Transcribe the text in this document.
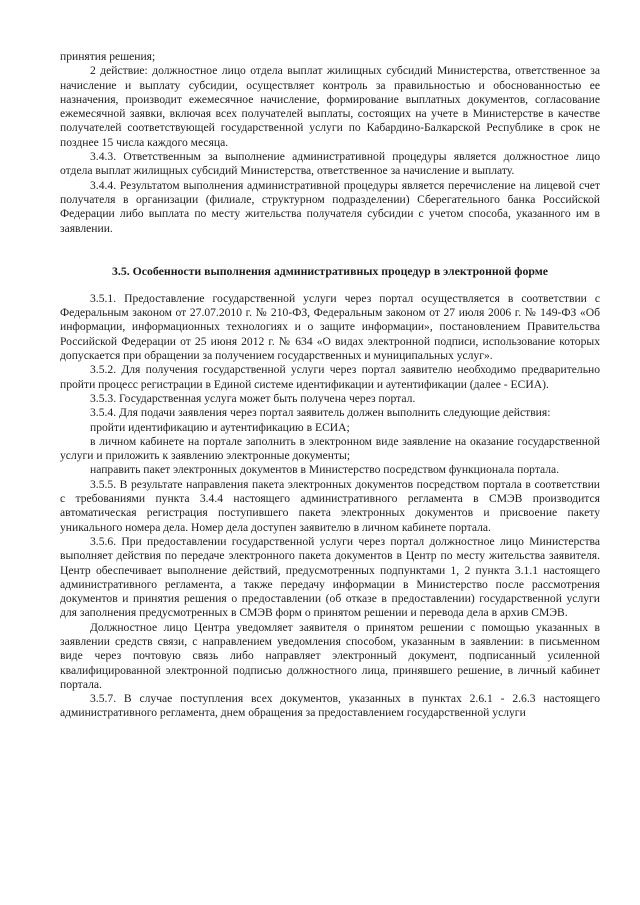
принятия решения;

2 действие: должностное лицо отдела выплат жилищных субсидий Министерства, ответственное за начисление и выплату субсидии, осуществляет контроль за правильностью и обоснованностью ее назначения, производит ежемесячное начисление, формирование выплатных документов, согласование ежемесячной заявки, включая всех получателей выплаты, состоящих на учете в Министерстве в качестве получателей соответствующей государственной услуги по Кабардино-Балкарской Республике в срок не позднее 15 числа каждого месяца.

3.4.3. Ответственным за выполнение административной процедуры является должностное лицо отдела выплат жилищных субсидий Министерства, ответственное за начисление и выплату.

3.4.4. Результатом выполнения административной процедуры является перечисление на лицевой счет получателя в организации (филиале, структурном подразделении) Сберегательного банка Российской Федерации либо выплата по месту жительства получателя субсидии с учетом способа, указанного им в заявлении.

3.5. Особенности выполнения административных процедур в электронной форме

3.5.1. Предоставление государственной услуги через портал осуществляется в соответствии с Федеральным законом от 27.07.2010 г. № 210-ФЗ, Федеральным законом от 27 июля 2006 г. № 149-ФЗ «Об информации, информационных технологиях и о защите информации», постановлением Правительства Российской Федерации от 25 июня 2012 г. № 634 «О видах электронной подписи, использование которых допускается при обращении за получением государственных и муниципальных услуг».

3.5.2. Для получения государственной услуги через портал заявителю необходимо предварительно пройти процесс регистрации в Единой системе идентификации и аутентификации (далее - ЕСИА).

3.5.3. Государственная услуга может быть получена через портал.

3.5.4. Для подачи заявления через портал заявитель должен выполнить следующие действия:

пройти идентификацию и аутентификацию в ЕСИА;

в личном кабинете на портале заполнить в электронном виде заявление на оказание государственной услуги и приложить к заявлению электронные документы;

направить пакет электронных документов в Министерство посредством функционала портала.

3.5.5. В результате направления пакета электронных документов посредством портала в соответствии с требованиями пункта 3.4.4 настоящего административного регламента в СМЭВ производится автоматическая регистрация поступившего пакета электронных документов и присвоение пакету уникального номера дела. Номер дела доступен заявителю в личном кабинете портала.

3.5.6. При предоставлении государственной услуги через портал должностное лицо Министерства выполняет действия по передаче электронного пакета документов в Центр по месту жительства заявителя. Центр обеспечивает выполнение действий, предусмотренных подпунктами 1, 2 пункта 3.1.1 настоящего административного регламента, а также передачу информации в Министерство после рассмотрения документов и принятия решения о предоставлении (об отказе в предоставлении) государственной услуги для заполнения предусмотренных в СМЭВ форм о принятом решении и перевода дела в архив СМЭВ.

Должностное лицо Центра уведомляет заявителя о принятом решении с помощью указанных в заявлении средств связи, с направлением уведомления способом, указанным в заявлении: в письменном виде через почтовую связь либо направляет электронный документ, подписанный усиленной квалифицированной электронной подписью должностного лица, принявшего решение, в личный кабинет портала.

3.5.7. В случае поступления всех документов, указанных в пунктах 2.6.1 - 2.6.3 настоящего административного регламента, днем обращения за предоставлением государственной услуги
